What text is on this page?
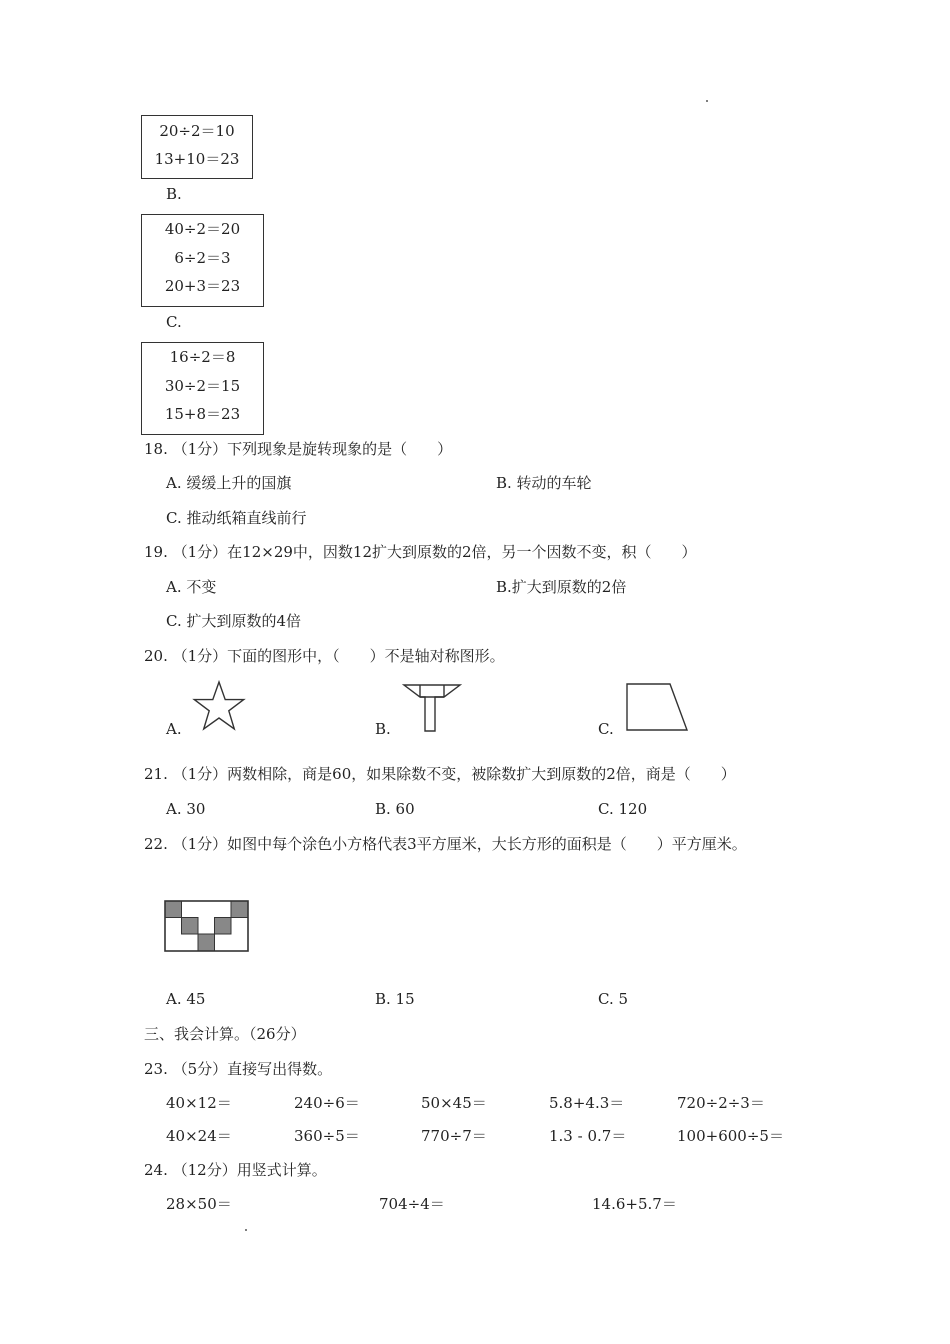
20÷2＝10
13+10＝23
B.
40÷2＝20
6÷2＝3
20+3＝23
C.
16÷2＝8
30÷2＝15
15+8＝23
18. （1分）下列现象是旋转现象的是（　　）
A. 缓缓上升的国旗	B. 转动的车轮
C. 推动纸箱直线前行
19. （1分）在12×29中，因数12扩大到原数的2倍，另一个因数不变，积（　　）
A. 不变	B.扩大到原数的2倍
C. 扩大到原数的4倍
20. （1分）下面的图形中，（　　）不是轴对称图形。
A.	B.	C.
21. （1分）两数相除，商是60，如果除数不变，被除数扩大到原数的2倍，商是（　　）
A. 30	B. 60	C. 120
22. （1分）如图中每个涂色小方格代表3平方厘米，大长方形的面积是（　　）平方厘米。
A. 45	B. 15	C. 5
三、我会计算。（26分）
23. （5分）直接写出得数。
40×12＝	240÷6＝	50×45＝	5.8+4.3＝	720÷2÷3＝
40×24＝	360÷5＝	770÷7＝	1.3 - 0.7＝	100+600÷5＝
24. （12分）用竖式计算。
28×50＝	704÷4＝	14.6+5.7＝
